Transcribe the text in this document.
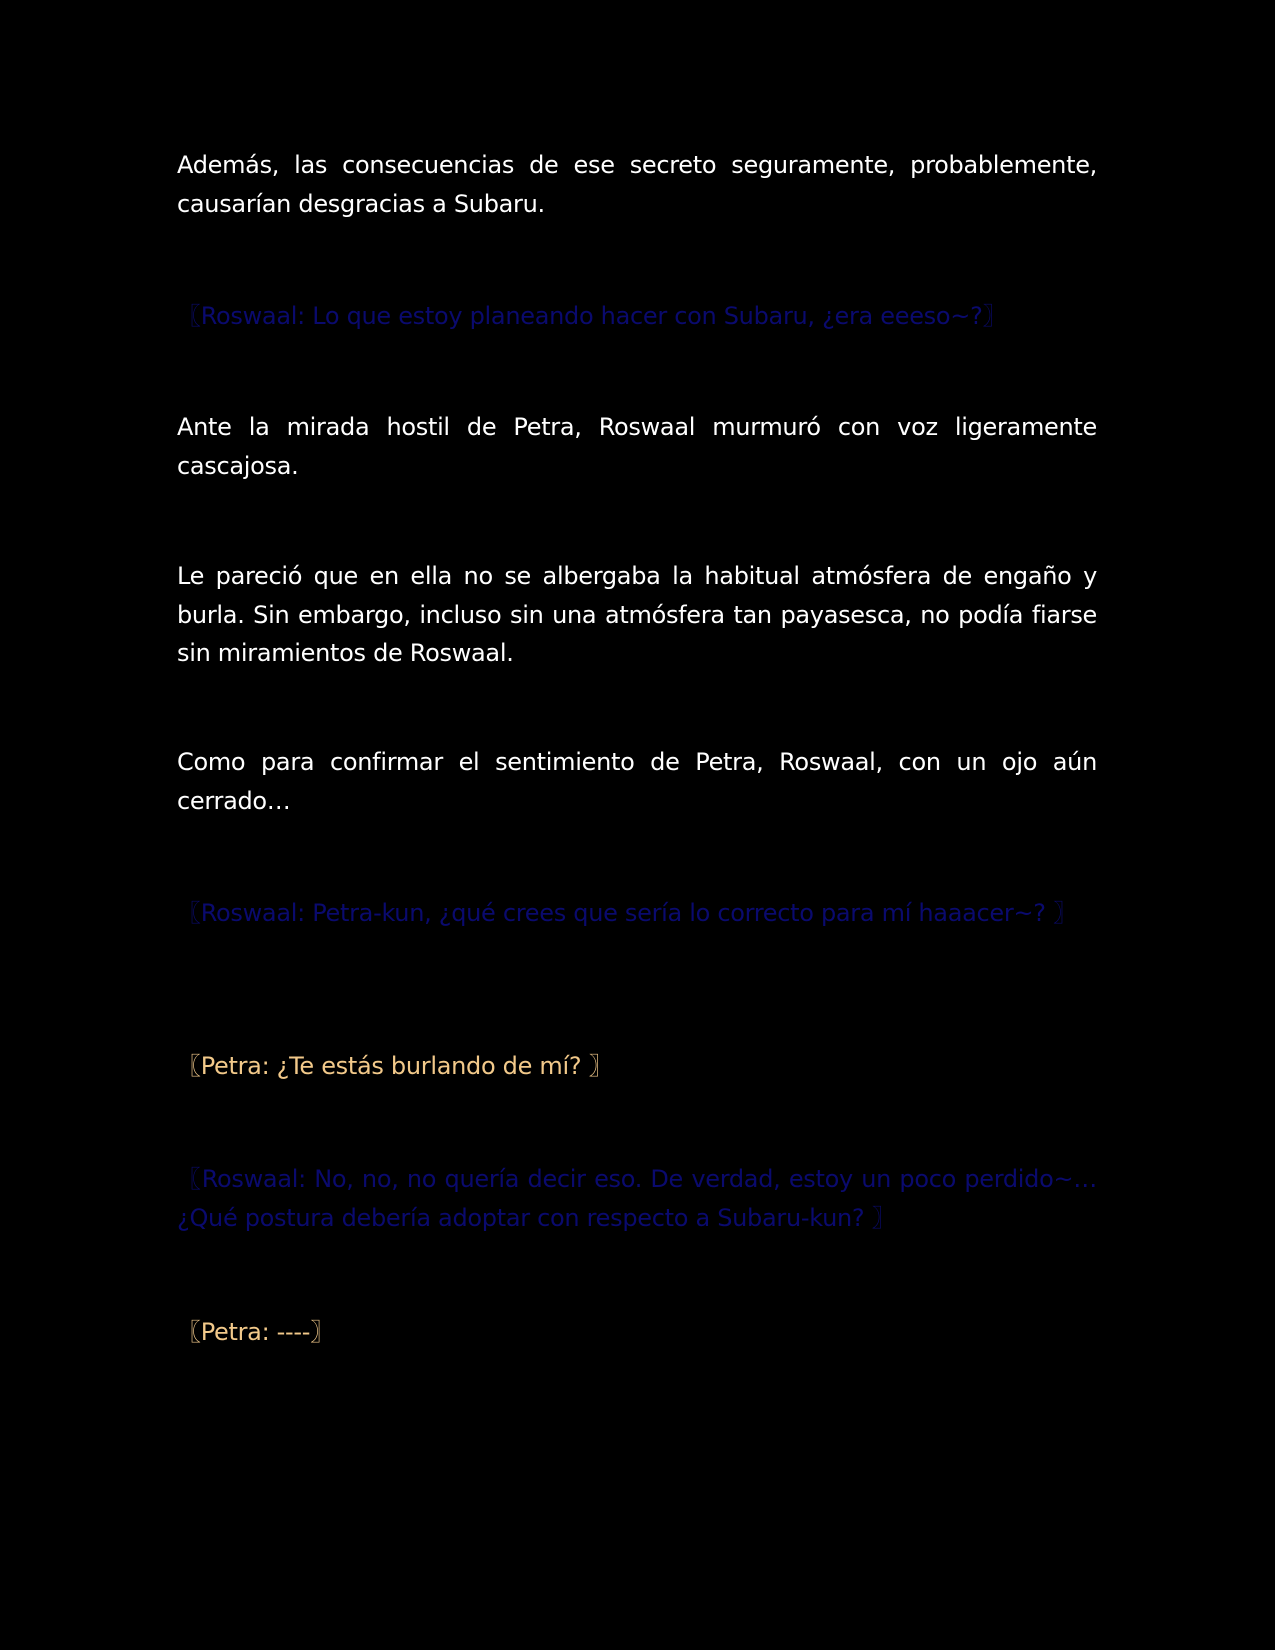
Además, las consecuencias de ese secreto seguramente, probablemente, causarían desgracias a Subaru.

〖Roswaal: Lo que estoy planeando hacer con Subaru, ¿era eeeso~?〗

Ante la mirada hostil de Petra, Roswaal murmuró con voz ligeramente cascajosa.

Le pareció que en ella no se albergaba la habitual atmósfera de engaño y burla. Sin embargo, incluso sin una atmósfera tan payasesca, no podía fiarse sin miramientos de Roswaal.

Como para confirmar el sentimiento de Petra, Roswaal, con un ojo aún cerrado…

〖Roswaal: Petra-kun, ¿qué crees que sería lo correcto para mí haaacer~? 〗

〖Petra: ¿Te estás burlando de mí? 〗

〖Roswaal: No, no, no quería decir eso. De verdad, estoy un poco perdido~… ¿Qué postura debería adoptar con respecto a Subaru-kun? 〗

〖Petra: ----〗
